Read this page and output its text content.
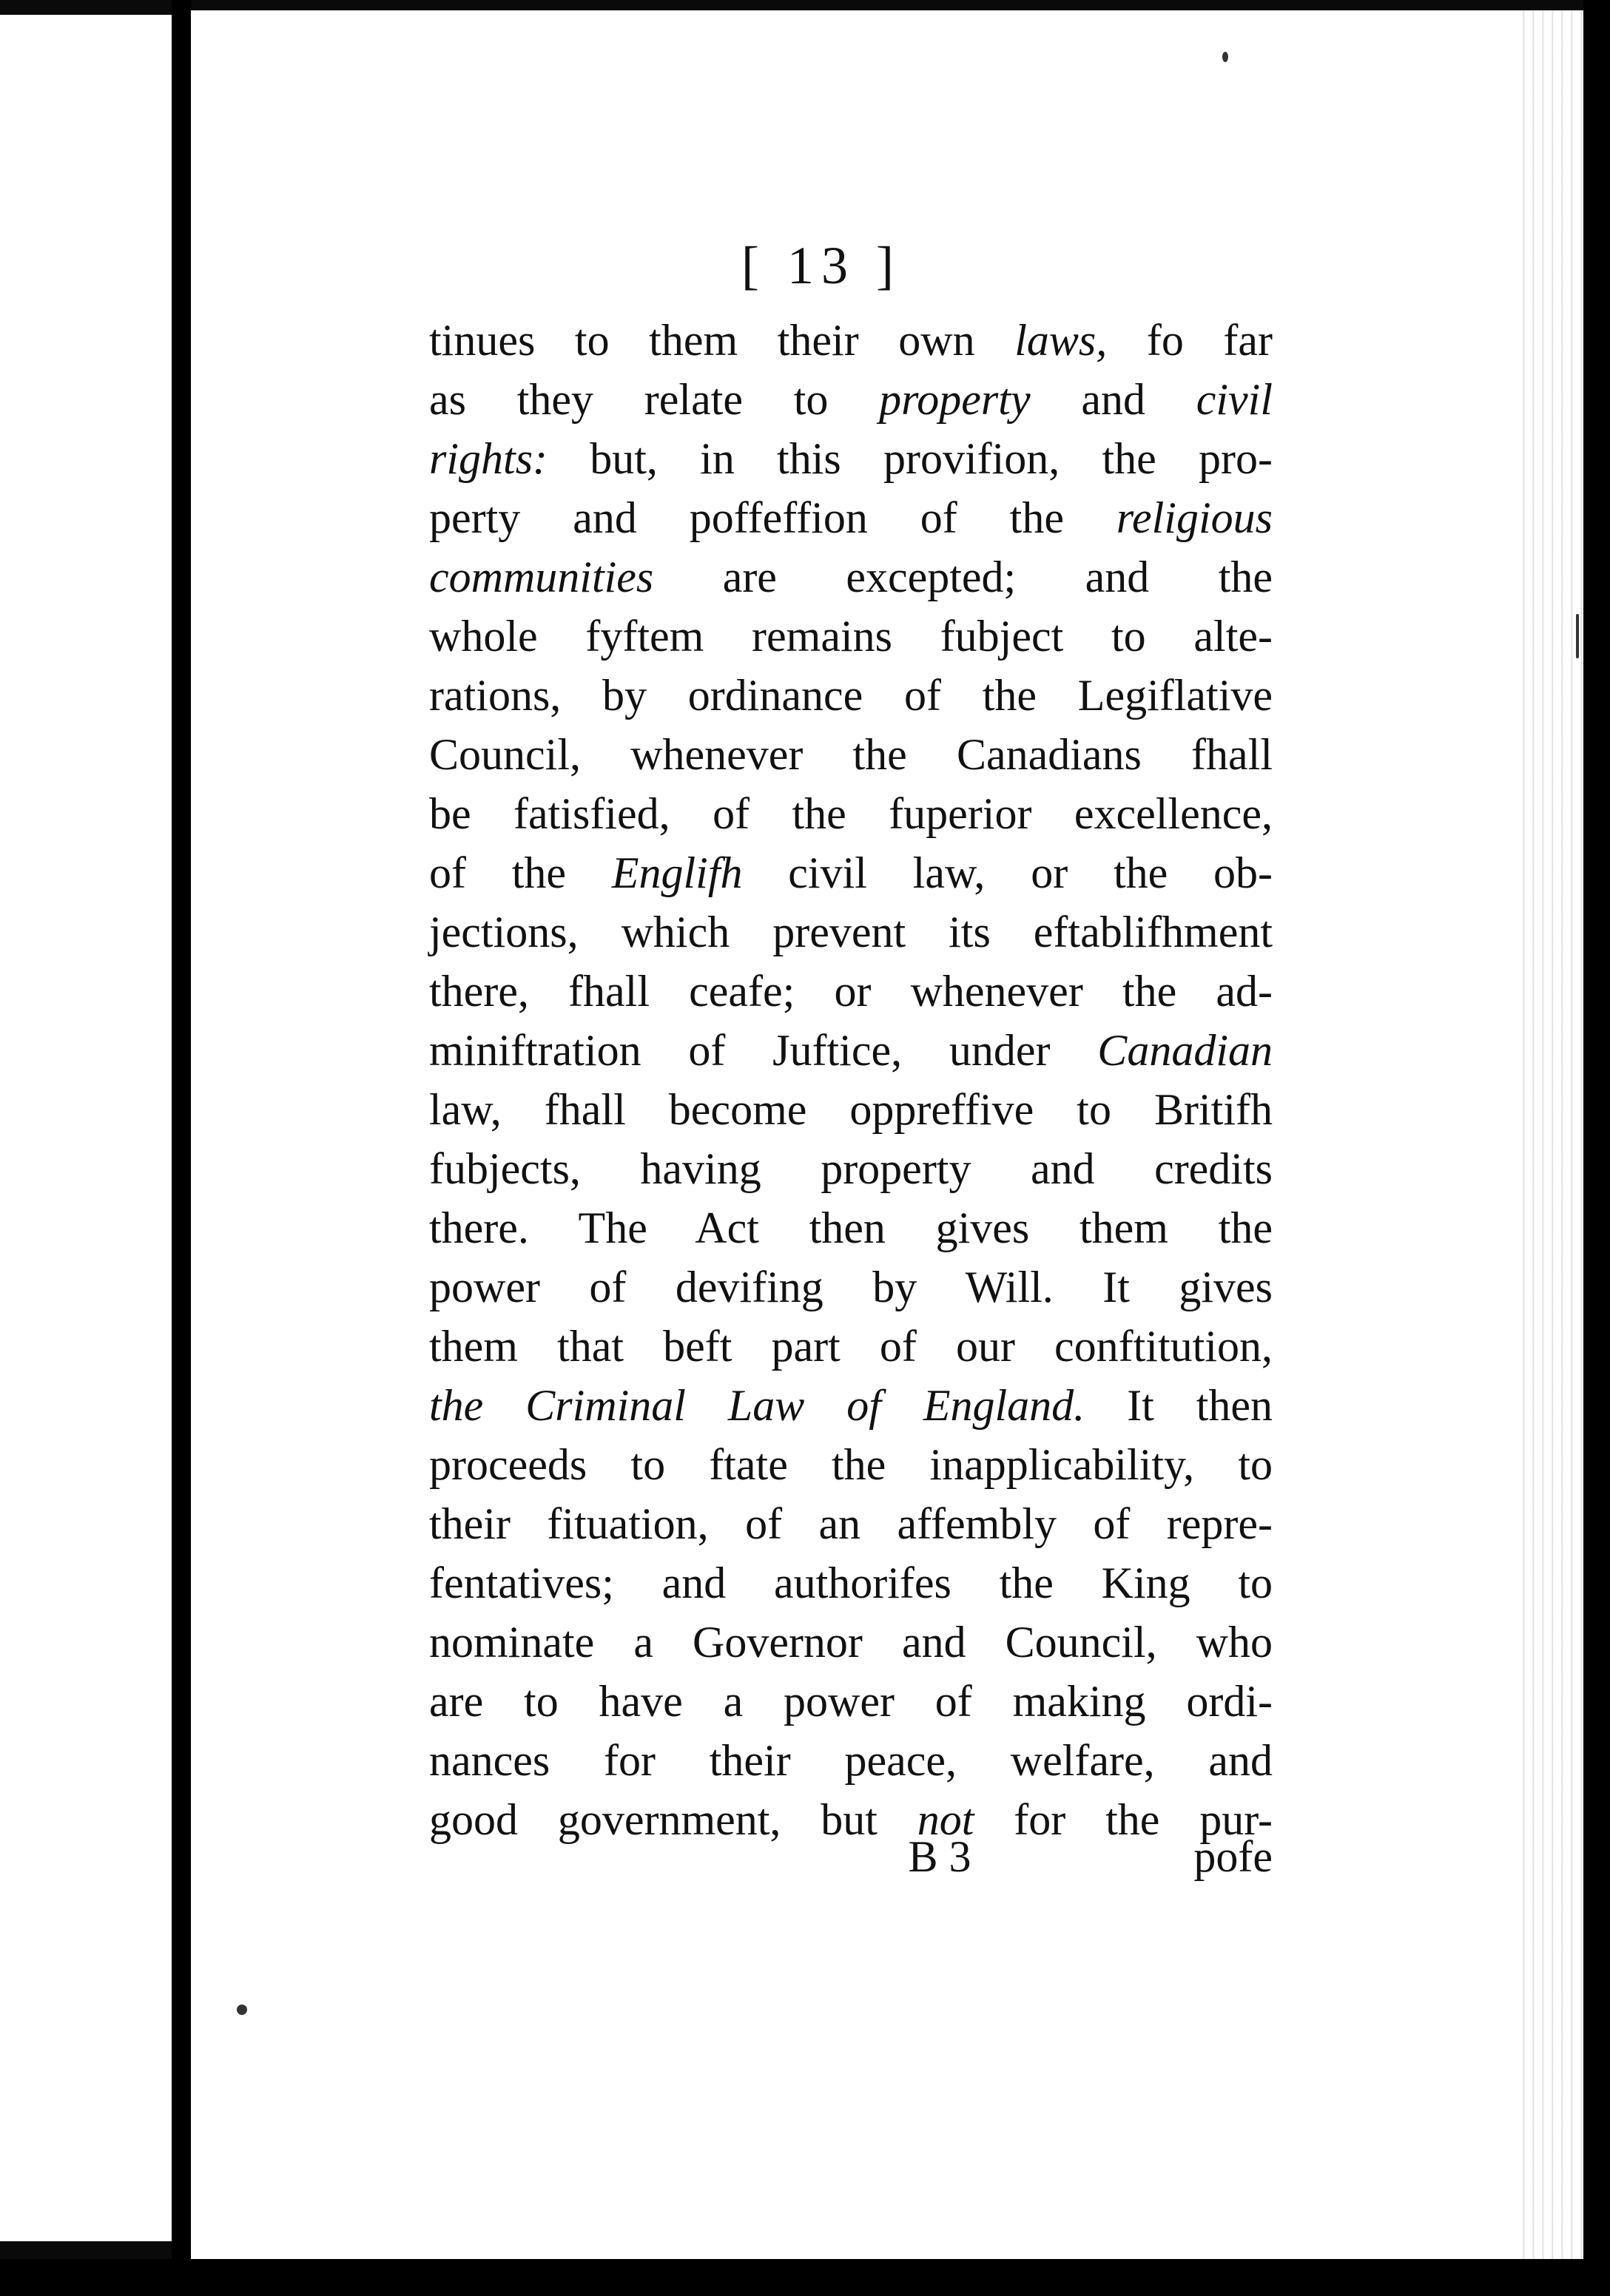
[ 13 ]
tinues to them their own laws, fo far
as they relate to property and civil
rights: but, in this provifion, the pro-
perty and poffeffion of the religious
communities are excepted; and the
whole fyftem remains fubject to alte-
rations, by ordinance of the Legiflative
Council, whenever the Canadians fhall
be fatisfied, of the fuperior excellence,
of the Englifh civil law, or the ob-
jections, which prevent its eftablifhment
there, fhall ceafe; or whenever the ad-
miniftration of Juftice, under Canadian
law, fhall become oppreffive to Britifh
fubjects, having property and credits
there. The Act then gives them the
power of devifing by Will. It gives
them that beft part of our conftitution,
the Criminal Law of England. It then
proceeds to ftate the inapplicability, to
their fituation, of an affembly of repre-
fentatives; and authorifes the King to
nominate a Governor and Council, who
are to have a power of making ordi-
nances for their peace, welfare, and
good government, but not for the pur-
B 3	pofe
